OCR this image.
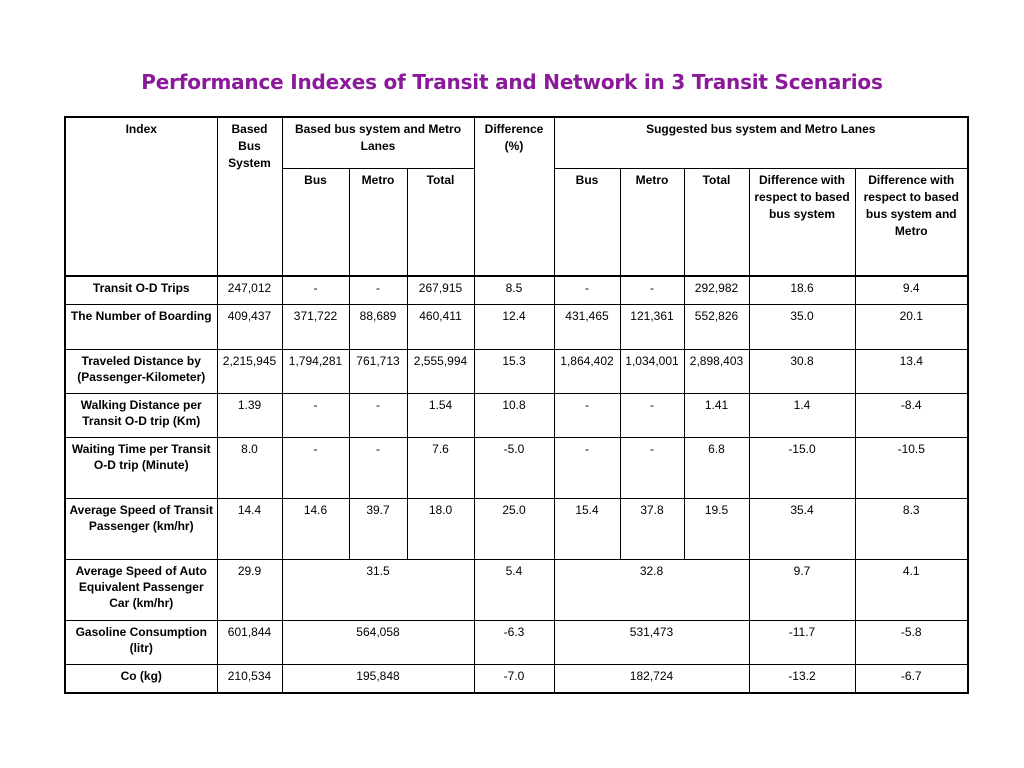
Performance Indexes of Transit and Network in 3 Transit Scenarios
Index	Based Bus System	Based bus system and Metro Lanes			Difference (%)	Suggested bus system and Metro Lanes				
		Bus	Metro	Total		Bus	Metro	Total	Difference with respect to based bus system	Difference with respect to based bus system and Metro
Transit O-D Trips	247,012	-	-	267,915	8.5	-	-	292,982	18.6	9.4
The Number of Boarding	409,437	371,722	88,689	460,411	12.4	431,465	121,361	552,826	35.0	20.1
Traveled Distance by (Passenger-Kilometer)	2,215,945	1,794,281	761,713	2,555,994	15.3	1,864,402	1,034,001	2,898,403	30.8	13.4
Walking Distance per Transit O-D trip (Km)	1.39	-	-	1.54	10.8	-	-	1.41	1.4	-8.4
Waiting Time per Transit O-D trip (Minute)	8.0	-	-	7.6	-5.0	-	-	6.8	-15.0	-10.5
Average Speed of Transit Passenger (km/hr)	14.4	14.6	39.7	18.0	25.0	15.4	37.8	19.5	35.4	8.3
Average Speed of Auto Equivalent Passenger Car (km/hr)	29.9	31.5			5.4	32.8			9.7	4.1
Gasoline Consumption (litr)	601,844	564,058			-6.3	531,473			-11.7	-5.8
Co (kg)	210,534	195,848			-7.0	182,724			-13.2	-6.7
